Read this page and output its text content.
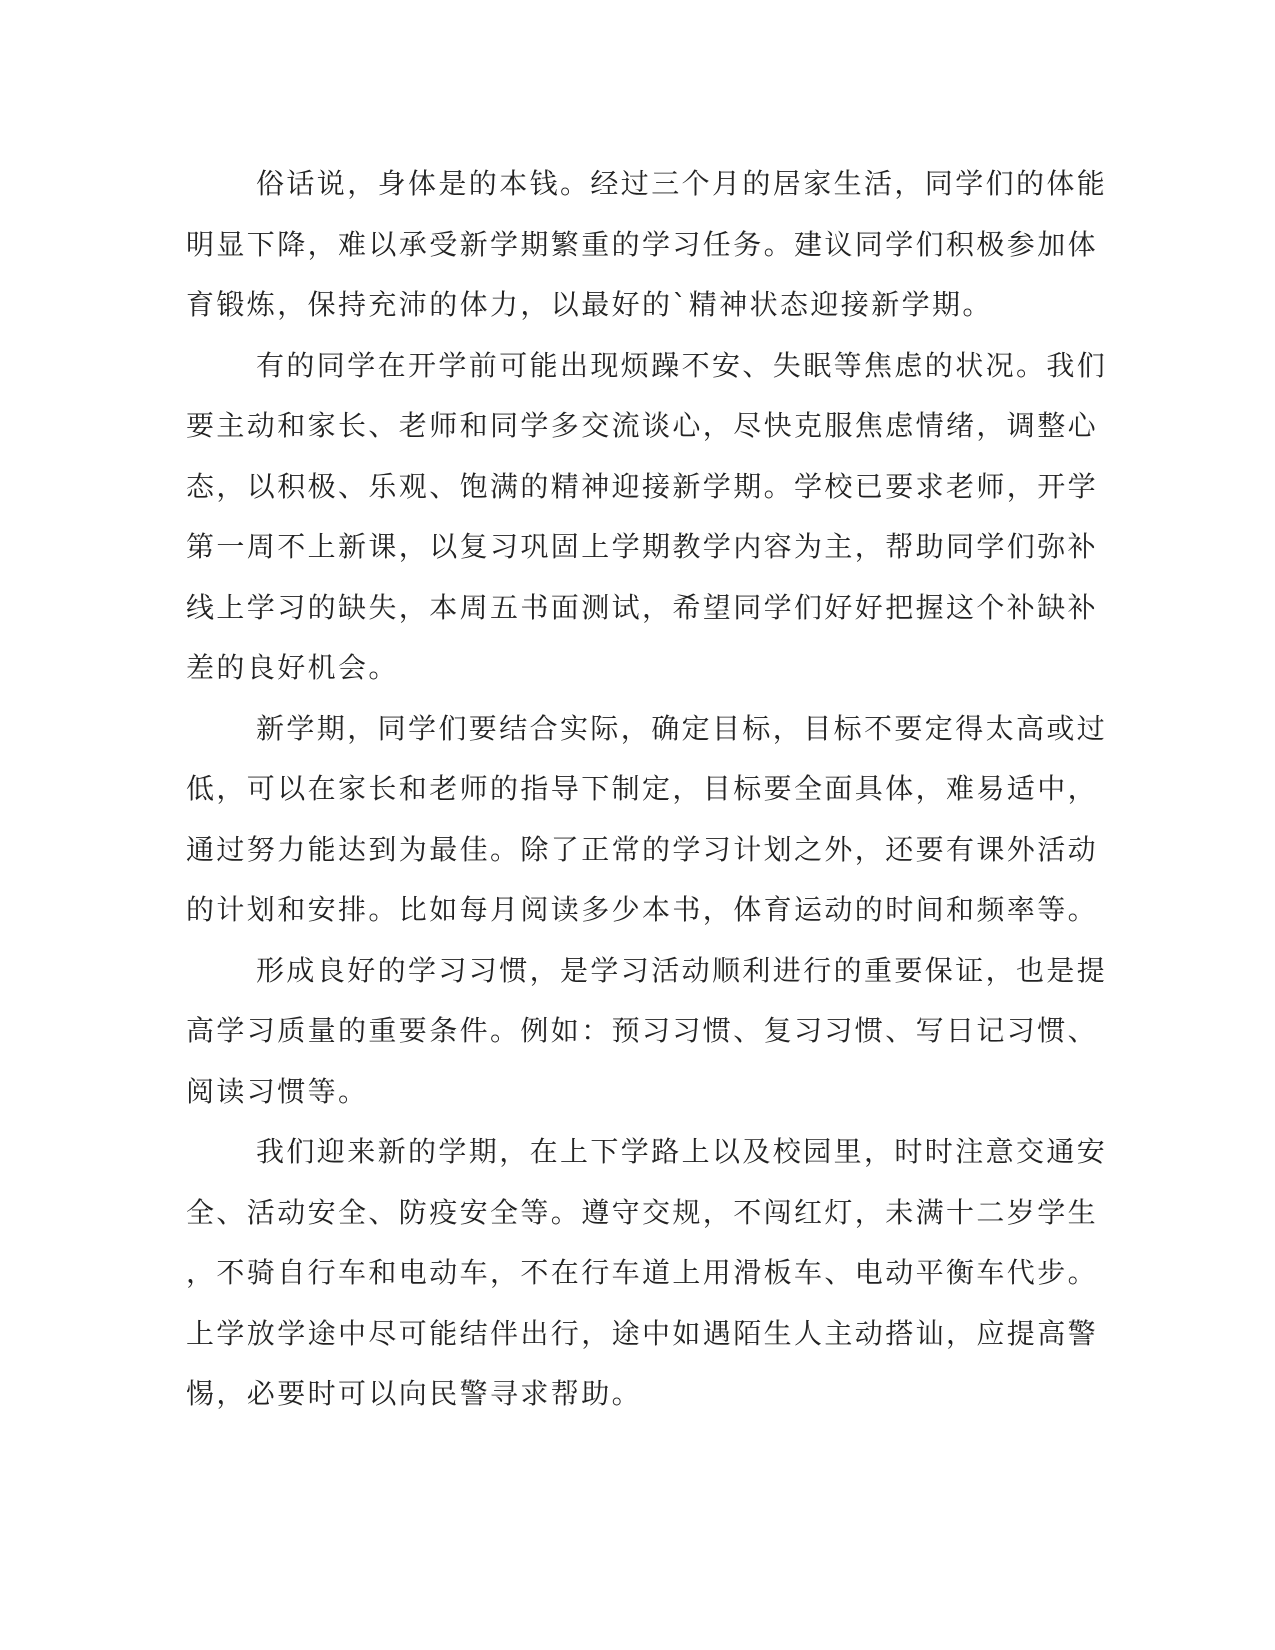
俗话说，身体是的本钱。经过三个月的居家生活，同学们的体能
明显下降，难以承受新学期繁重的学习任务。建议同学们积极参加体
育锻炼，保持充沛的体力，以最好的`精神状态迎接新学期。

有的同学在开学前可能出现烦躁不安、失眠等焦虑的状况。我们
要主动和家长、老师和同学多交流谈心，尽快克服焦虑情绪，调整心
态，以积极、乐观、饱满的精神迎接新学期。学校已要求老师，开学
第一周不上新课，以复习巩固上学期教学内容为主，帮助同学们弥补
线上学习的缺失，本周五书面测试，希望同学们好好把握这个补缺补
差的良好机会。

新学期，同学们要结合实际，确定目标，目标不要定得太高或过
低，可以在家长和老师的指导下制定，目标要全面具体，难易适中，
通过努力能达到为最佳。除了正常的学习计划之外，还要有课外活动
的计划和安排。比如每月阅读多少本书，体育运动的时间和频率等。

形成良好的学习习惯，是学习活动顺利进行的重要保证，也是提
高学习质量的重要条件。例如：预习习惯、复习习惯、写日记习惯、
阅读习惯等。

我们迎来新的学期，在上下学路上以及校园里，时时注意交通安
全、活动安全、防疫安全等。遵守交规，不闯红灯，未满十二岁学生
，不骑自行车和电动车，不在行车道上用滑板车、电动平衡车代步。
上学放学途中尽可能结伴出行，途中如遇陌生人主动搭讪，应提高警
惕，必要时可以向民警寻求帮助。
